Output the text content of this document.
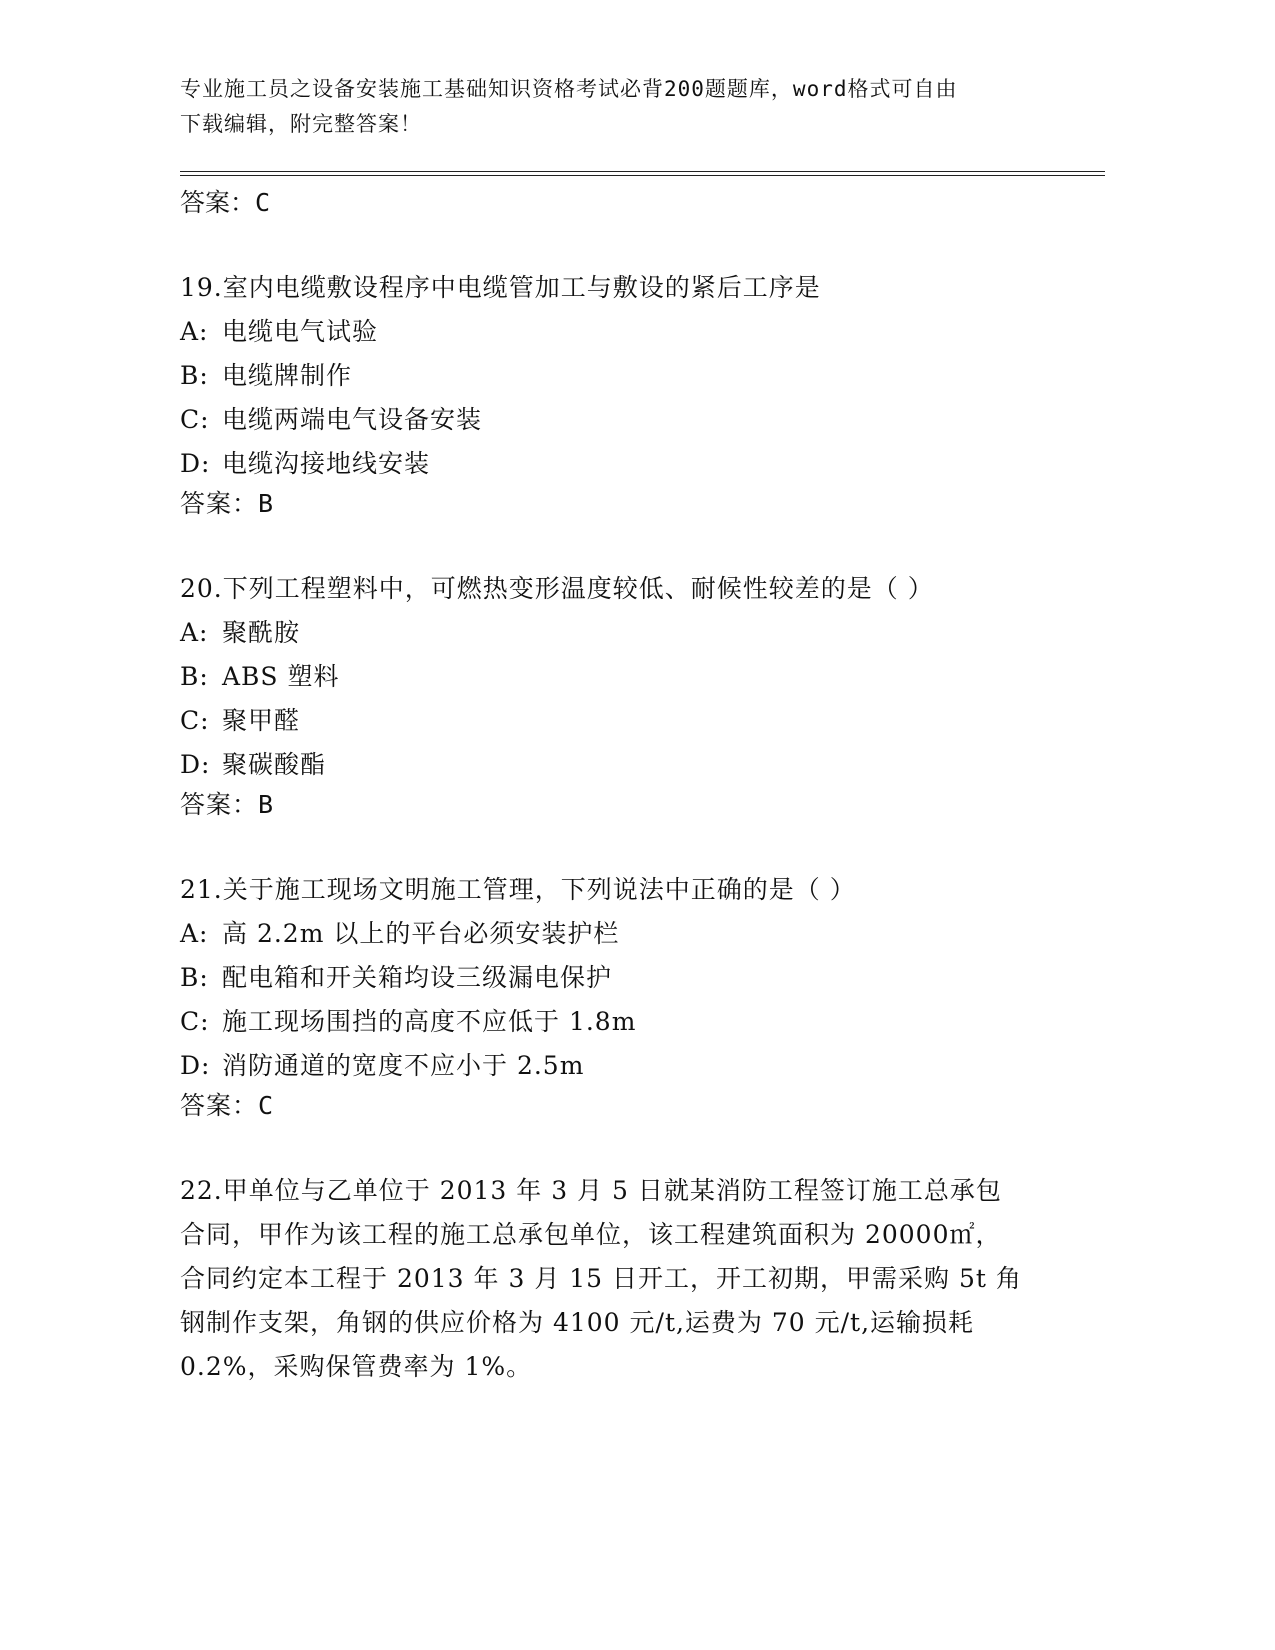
专业施工员之设备安装施工基础知识资格考试必背200题题库，word格式可自由
下载编辑，附完整答案！
答案：C
19.室内电缆敷设程序中电缆管加工与敷设的紧后工序是
A: 电缆电气试验
B: 电缆牌制作
C: 电缆两端电气设备安装
D: 电缆沟接地线安装
答案：B
20.下列工程塑料中，可燃热变形温度较低、耐候性较差的是（ ）
A: 聚酰胺
B: ABS 塑料
C: 聚甲醛
D: 聚碳酸酯
答案：B
21.关于施工现场文明施工管理，下列说法中正确的是（ ）
A: 高 2.2m 以上的平台必须安装护栏
B: 配电箱和开关箱均设三级漏电保护
C: 施工现场围挡的高度不应低于 1.8m
D: 消防通道的宽度不应小于 2.5m
答案：C
22.甲单位与乙单位于 2013 年 3 月 5 日就某消防工程签订施工总承包
合同，甲作为该工程的施工总承包单位，该工程建筑面积为 20000㎡，
合同约定本工程于 2013 年 3 月 15 日开工，开工初期，甲需采购 5t 角
钢制作支架，角钢的供应价格为 4100 元/t,运费为 70 元/t,运输损耗
0.2%，采购保管费率为 1%。
